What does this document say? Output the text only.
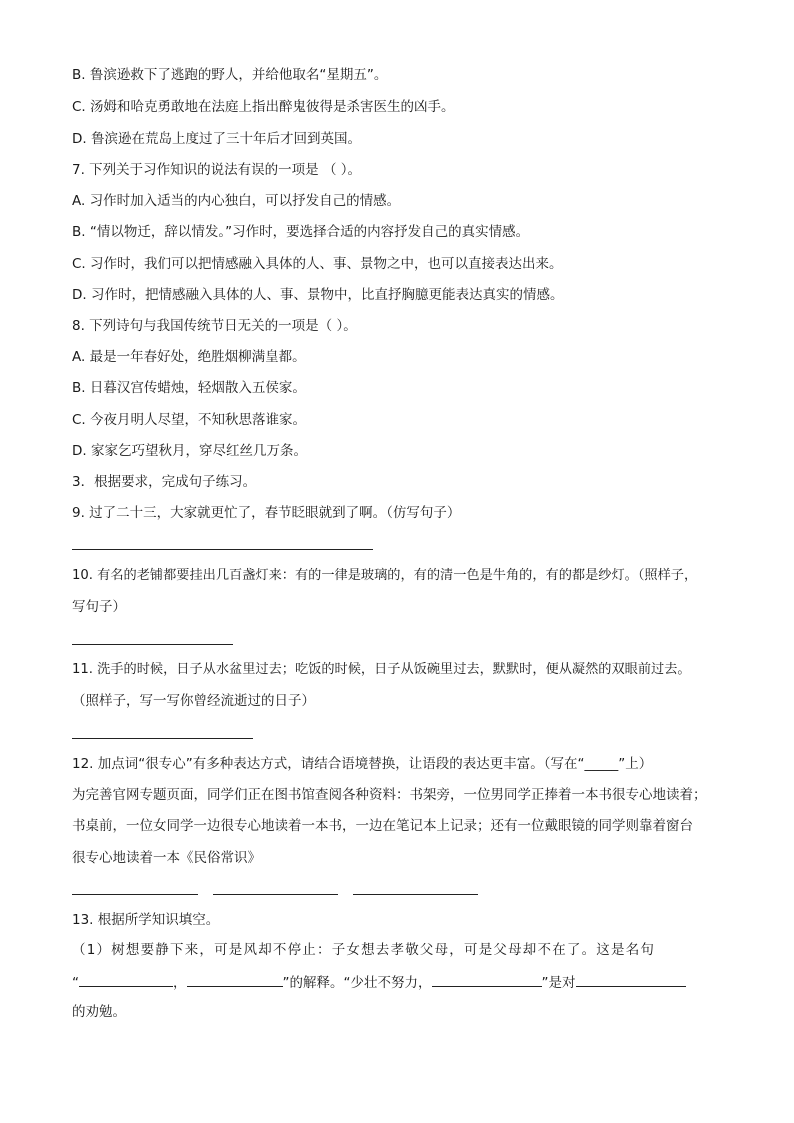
B. 鲁滨逊救下了逃跑的野人，并给他取名“星期五”。
C. 汤姆和哈克勇敢地在法庭上指出醉鬼彼得是杀害医生的凶手。
D. 鲁滨逊在荒岛上度过了三十年后才回到英国。
7. 下列关于习作知识的说法有误的一项是 （ ）。
A. 习作时加入适当的内心独白，可以抒发自己的情感。
B. “情以物迁，辞以情发。”习作时，要选择合适的内容抒发自己的真实情感。
C. 习作时，我们可以把情感融入具体的人、事、景物之中，也可以直接表达出来。
D. 习作时，把情感融入具体的人、事、景物中，比直抒胸臆更能表达真实的情感。
8. 下列诗句与我国传统节日无关的一项是（ ）。
A. 最是一年春好处，绝胜烟柳满皇都。
B. 日暮汉宫传蜡烛，轻烟散入五侯家。
C. 今夜月明人尽望，不知秋思落谁家。
D. 家家乞巧望秋月，穿尽红丝几万条。
3．根据要求，完成句子练习。
9. 过了二十三，大家就更忙了，春节眨眼就到了啊。（仿写句子）
10. 有名的老铺都要挂出几百盏灯来：有的一律是玻璃的，有的清一色是牛角的，有的都是纱灯。（照样子，
写句子）
11. 洗手的时候，日子从水盆里过去；吃饭的时候，日子从饭碗里过去，默默时，便从凝然的双眼前过去。
（照样子，写一写你曾经流逝过的日子）
12. 加点词“很专心”有多种表达方式，请结合语境替换，让语段的表达更丰富。（写在“_____”上）
为完善官网专题页面，同学们正在图书馆查阅各种资料：书架旁，一位男同学正捧着一本书很专心地读着；
书桌前，一位女同学一边很专心地读着一本书，一边在笔记本上记录；还有一位戴眼镜的同学则靠着窗台
很专心地读着一本《民俗常识》
13. 根据所学知识填空。
（1）树想要静下来，可是风却不停止：子女想去孝敬父母，可是父母却不在了。这是名句
“	，	”的解释。“少壮不努力，	”是对
的劝勉。
